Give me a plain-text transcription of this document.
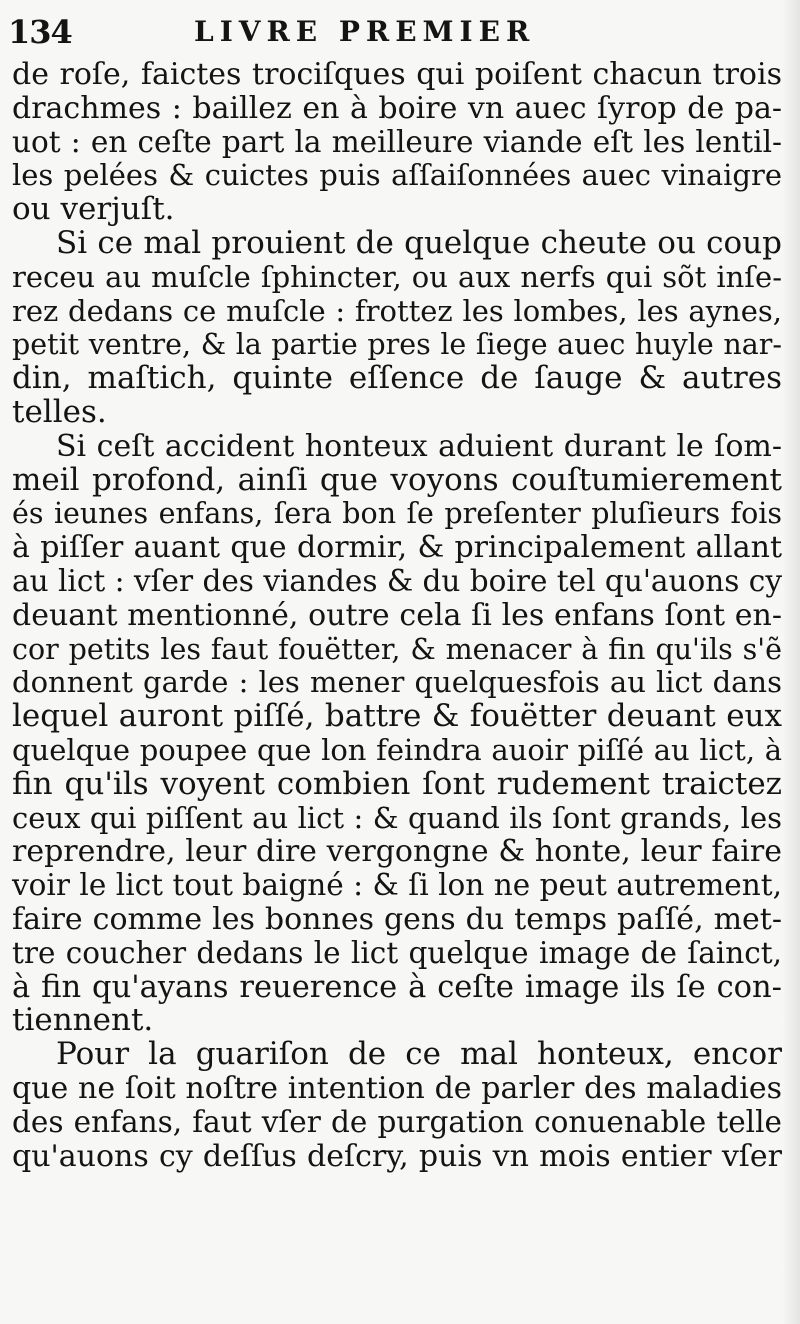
134	LIVRE PREMIER
de roſe, faictes trociſques qui poiſent chacun trois
drachmes : baillez en à boire vn auec ſyrop de pa-
uot : en ceſte part la meilleure viande eſt les lentil-
les pelées & cuictes puis aſſaiſonnées auec vinaigre
ou verjuſt.
Si ce mal prouient de quelque cheute ou coup
receu au muſcle ſphincter, ou aux nerfs qui sõt inſe-
rez dedans ce muſcle : frottez les lombes, les aynes,
petit ventre, & la partie pres le ſiege auec huyle nar-
din, maſtich, quinte eſſence de ſauge & autres
telles.
Si ceſt accident honteux aduient durant le ſom-
meil profond, ainſi que voyons couſtumierement
és ieunes enfans, ſera bon ſe preſenter pluſieurs fois
à piſſer auant que dormir, & principalement allant
au lict : vſer des viandes & du boire tel qu'auons cy
deuant mentionné, outre cela ſi les enfans ſont en-
cor petits les faut fouëtter, & menacer à fin qu'ils s'ẽ
donnent garde : les mener quelquesfois au lict dans
lequel auront piſſé, battre & fouëtter deuant eux
quelque poupee que lon feindra auoir piſſé au lict, à
fin qu'ils voyent combien ſont rudement traictez
ceux qui piſſent au lict : & quand ils ſont grands, les
reprendre, leur dire vergongne & honte, leur faire
voir le lict tout baigné : & ſi lon ne peut autrement,
faire comme les bonnes gens du temps paſſé, met-
tre coucher dedans le lict quelque image de ſainct,
à fin qu'ayans reuerence à ceſte image ils ſe con-
tiennent.
Pour la guariſon de ce mal honteux, encor
que ne ſoit noſtre intention de parler des maladies
des enfans, faut vſer de purgation conuenable telle
qu'auons cy deſſus deſcry, puis vn mois entier vſer
